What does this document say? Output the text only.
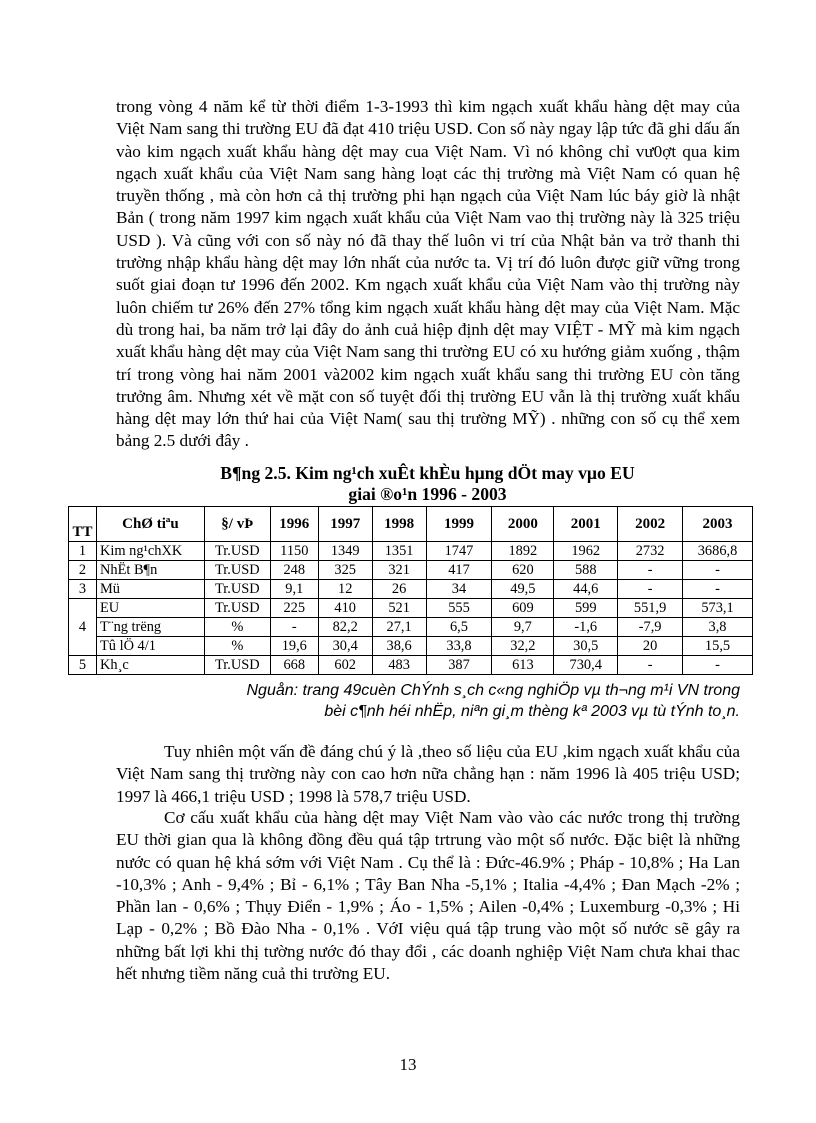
trong vòng 4 năm kể từ thời điểm 1-3-1993 thì kim ngạch xuất khẩu hàng dệt may của Việt Nam sang thi trường EU đã đạt 410 triệu USD. Con số này ngay lập tức đã ghi dấu ấn vào kim ngạch xuất khẩu hàng dệt may cua Việt Nam. Vì nó không chỉ vư0ợt qua kim ngạch xuất khẩu của Việt Nam sang hàng loạt các thị trường mà Việt Nam có quan hệ truyền thống , mà còn hơn cả thị trường phi hạn ngạch của Việt Nam lúc báy giờ là nhật Bản ( trong năm 1997 kim ngạch xuất khẩu của Việt Nam vao thị trường này là 325 triệu USD ). Và cũng với con số này nó đã thay thế luôn vi trí của Nhật bản va trở thanh thi trường nhập khẩu hàng dệt may lớn nhất của nước ta. Vị trí đó luôn được giữ vững trong suốt giai đoạn tư 1996 đến 2002. Km ngạch xuất khẩu của Việt Nam vào thị trường này luôn chiếm tư 26% đến 27% tổng kim ngạch xuất khẩu hàng dệt may của Việt Nam. Mặc dù trong hai, ba năm trở lại đây do ảnh cuả hiệp định dệt may VIỆT - MỸ mà kim ngạch xuất khẩu hàng dệt may của Việt Nam sang thi trường EU có xu hướng giảm xuống , thậm trí trong vòng hai năm 2001 và2002 kim ngạch xuất khẩu sang thi trường EU còn tăng trưởng âm. Nhưng xét về mặt con số tuyệt đối thị trường EU vẫn là thị trường xuất khẩu hàng dệt may lớn thứ hai của Việt Nam( sau thị trường MỸ) . những con số cụ thể xem bảng 2.5 dưới đây .

B¶ng 2.5. Kim ng¹ch xuÊt khÈu hµng dÖt may vµo EU

giai ®o¹n 1996 - 2003

TT	ChØ tiªu	§/ vÞ	1996	1997	1998	1999	2000	2001	2002	2003
1	Kim ng¹chXK	Tr.USD	1150	1349	1351	1747	1892	1962	2732	3686,8
2	NhËt B¶n	Tr.USD	248	325	321	417	620	588	-	-
3	Mü	Tr.USD	9,1	12	26	34	49,5	44,6	-	-
4	EU	Tr.USD	225	410	521	555	609	599	551,9	573,1
	T¨ng trëng	%	-	82,2	27,1	6,5	9,7	-1,6	-7,9	3,8
	Tû lÖ 4/1	%	19,6	30,4	38,6	33,8	32,2	30,5	20	15,5
5	Kh¸c	Tr.USD	668	602	483	387	613	730,4	-	-

Nguån: trang 49cuèn ChÝnh s¸ch c«ng nghiÖp vµ th¬ng m¹i VN trong

bèi c¶nh héi nhËp, niªn gi¸m thèng kª 2003 vµ tù tÝnh to¸n.

Tuy nhiên một vấn đề đáng chú ý là ,theo số liệu của EU ,kim ngạch xuất khẩu của Việt Nam sang thị trường này con cao hơn nữa chẳng hạn : năm 1996 là 405 triệu USD; 1997 là 466,1 triệu USD ; 1998 là 578,7 triệu USD.

Cơ cấu xuất khẩu của hàng dệt may Việt Nam vào vào các nước trong thị trường EU thời gian qua là không đồng đều quá tập trtrung vào một số nước. Đặc biệt là những nước có quan hệ khá sớm với Việt Nam . Cụ thể là : Đức-46.9% ; Pháp - 10,8% ; Ha Lan -10,3% ; Anh - 9,4% ; Bỉ - 6,1% ; Tây Ban Nha -5,1% ; Italia -4,4% ; Đan Mạch -2% ; Phần lan - 0,6% ; Thụy Điển - 1,9% ; Áo - 1,5% ; Ailen -0,4% ; Luxemburg -0,3% ; Hi Lạp - 0,2% ; Bồ Đào Nha - 0,1% . VớI việu quá tập trung vào một số nước sẽ gây ra những bất lợi khi thị tường nước đó thay đổi , các doanh nghiệp Việt Nam chưa khai thac hết nhưng tiềm năng cuả thi trường EU.

13
